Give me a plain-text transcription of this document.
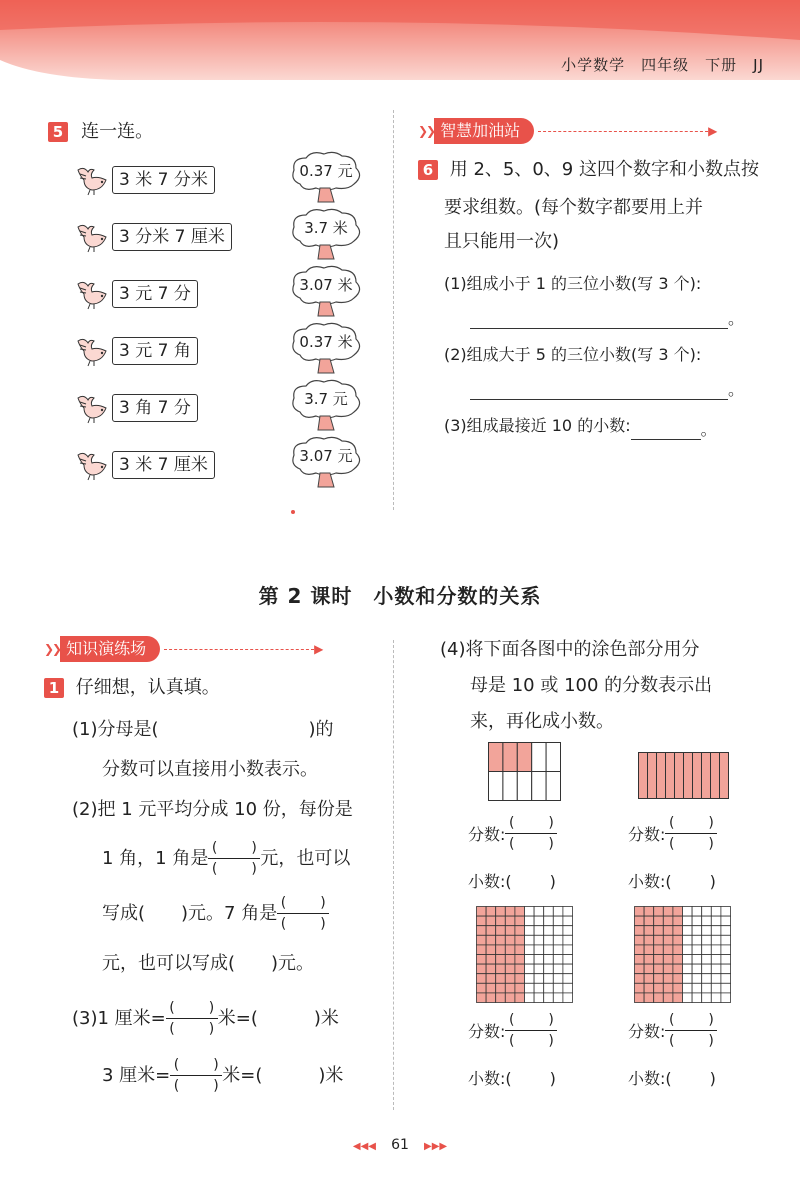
小学数学　四年级　下册　JJ
5 连一连。
3 米 7 分米
3 分米 7 厘米
3 元 7 分
3 元 7 角
3 角 7 分
3 米 7 厘米
0.37 元
3.7 米
3.07 米
0.37 米
3.7 元
3.07 元
❯❯ 智慧加油站	▶
6 用 2、5、0、9 这四个数字和小数点按
要求组数。(每个数字都要用上并
且只能用一次)
(1)组成小于 1 的三位小数(写 3 个):
。
(2)组成大于 5 的三位小数(写 3 个):
。
(3)组成最接近 10 的小数:	。
第 2 课时　小数和分数的关系
❯❯ 知识演练场	▶
1 仔细想，认真填。
(1)分母是(	)的
分数可以直接用小数表示。
(2)把 1 元平均分成 10 份，每份是
1 角，1 角是 $\frac{( )}{( )}$ 元，也可以
写成( )元。7 角是 $\frac{( )}{( )}$
元，也可以写成( )元。
(3)1 厘米= $\frac{( )}{( )}$ 米=(	)米
3 厘米= $\frac{( )}{( )}$ 米=(	)米
(4)将下面各图中的涂色部分用分
母是 10 或 100 的分数表示出
来，再化成小数。
分数: $\frac{( )}{( )}$
小数:( )
分数: $\frac{( )}{( )}$
小数:( )
分数: $\frac{( )}{( )}$
小数:( )
分数: $\frac{( )}{( )}$
小数:( )
◀◀◀ 61 ▶▶▶
